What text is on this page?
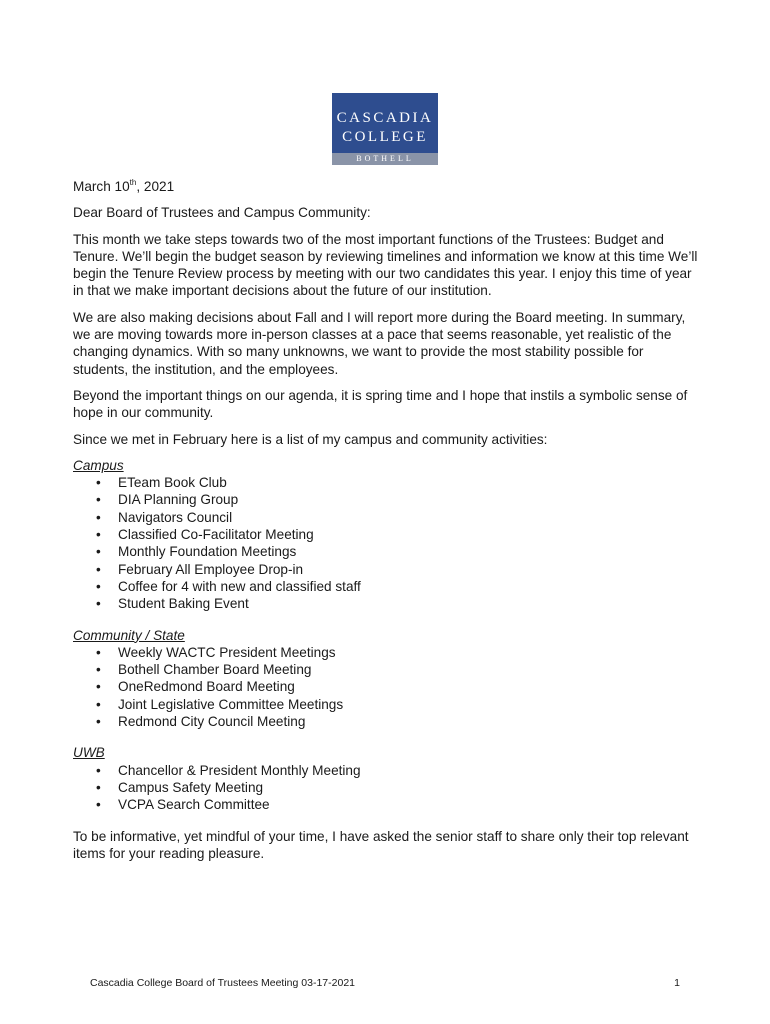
CASCADIA
COLLEGE
BOTHELL

March 10th, 2021

Dear Board of Trustees and Campus Community:

This month we take steps towards two of the most important functions of the Trustees: Budget and Tenure. We’ll begin the budget season by reviewing timelines and information we know at this time We’ll begin the Tenure Review process by meeting with our two candidates this year. I enjoy this time of year in that we make important decisions about the future of our institution.

We are also making decisions about Fall and I will report more during the Board meeting. In summary, we are moving towards more in-person classes at a pace that seems reasonable, yet realistic of the changing dynamics. With so many unknowns, we want to provide the most stability possible for students, the institution, and the employees.

Beyond the important things on our agenda, it is spring time and I hope that instils a symbolic sense of hope in our community.

Since we met in February here is a list of my campus and community activities:

Campus

• ETeam Book Club
• DIA Planning Group
• Navigators Council
• Classified Co-Facilitator Meeting
• Monthly Foundation Meetings
• February All Employee Drop-in
• Coffee for 4 with new and classified staff
• Student Baking Event

Community / State

• Weekly WACTC President Meetings
• Bothell Chamber Board Meeting
• OneRedmond Board Meeting
• Joint Legislative Committee Meetings
• Redmond City Council Meeting

UWB

• Chancellor & President Monthly Meeting
• Campus Safety Meeting
• VCPA Search Committee

To be informative, yet mindful of your time, I have asked the senior staff to share only their top relevant items for your reading pleasure.

Cascadia College Board of Trustees Meeting 03-17-2021	1
